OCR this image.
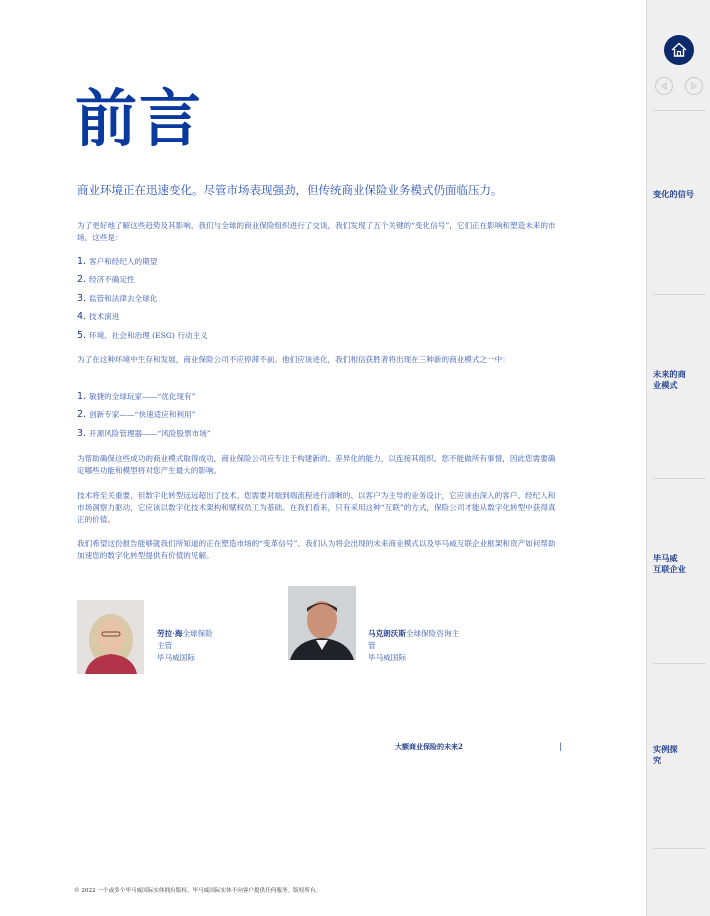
前言
商业环境正在迅速变化。尽管市场表现强劲，但传统商业保险业务模式仍面临压力。

为了更好地了解这些趋势及其影响，我们与全球的商业保险组织进行了交谈，我们发现了五个关键的“变化信号”，它们正在影响和塑造未来的市场。这些是：

1. 客户和经纪人的期望
2. 经济不确定性
3. 监管和法律去全球化
4. 技术演进
5. 环境、社会和治理 (ESG) 行动主义

为了在这种环境中生存和发展，商业保险公司不应停滞不前。他们应该进化，我们相信获胜者将出现在三种新的商业模式之一中：

1. 敏捷的全球玩家——“优化现有”
2. 创新专家——“快速适应和利用”
3. 开源风险管理器——“风险股票市场”

为帮助确保这些成功的商业模式取得成功，商业保险公司应专注于构建新的、差异化的能力，以连接其组织。您不能做所有事情，因此您需要确定哪些功能和模型将对您产生最大的影响。

技术将至关重要，但数字化转型远远超出了技术。您需要对端到端流程进行清晰的、以客户为主导的业务设计，它应该由深入的客户、经纪人和市场洞察力驱动，它应该以数字化技术架构和赋权员工为基础。在我们看来，只有采用这种“互联”的方式，保险公司才能从数字化转型中获得真正的价值。

我们希望这份报告能够就我们所知道的正在塑造市场的“变革信号”、我们认为将会出现的未来商业模式以及毕马威互联企业框架和资产如何帮助加速您的数字化转型提供有价值的见解。

劳拉·海全球保险
主管
毕马威国际
马克朗沃斯全球保险咨询主
管
毕马威国际
大额商业保险的未来2	|
© 2022 一个或多个毕马威国际实体拥有版权。毕马威国际实体不向客户提供任何服务。版权所有。
变化的信号
未来的商
业模式
毕马威
互联企业
实例探
究
